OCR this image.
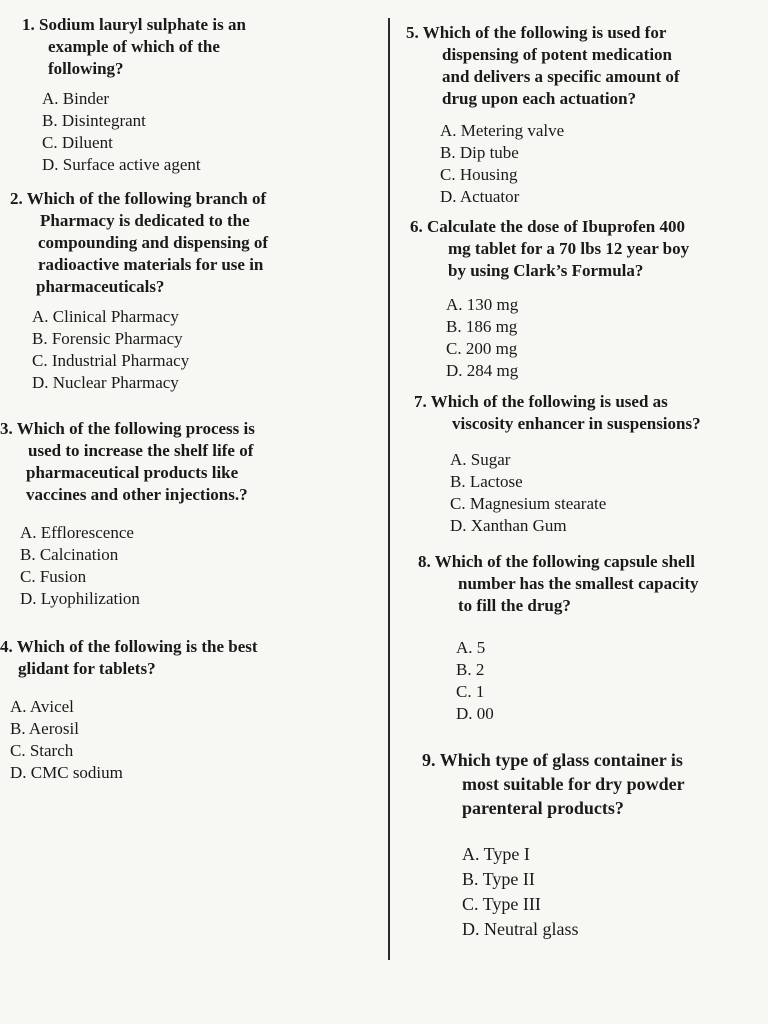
1. Sodium lauryl sulphate is an
example of which of the
following?
A. Binder
B. Disintegrant
C. Diluent
D. Surface active agent
2. Which of the following branch of
Pharmacy is dedicated to the
compounding and dispensing of
radioactive materials for use in
pharmaceuticals?
A. Clinical Pharmacy
B. Forensic Pharmacy
C. Industrial Pharmacy
D. Nuclear Pharmacy
3. Which of the following process is
used to increase the shelf life of
pharmaceutical products like
vaccines and other injections.?
A. Efflorescence
B. Calcination
C. Fusion
D. Lyophilization
4. Which of the following is the best
glidant for tablets?
A. Avicel
B. Aerosil
C. Starch
D. CMC sodium
5. Which of the following is used for
dispensing of potent medication
and delivers a specific amount of
drug upon each actuation?
A. Metering valve
B. Dip tube
C. Housing
D. Actuator
6. Calculate the dose of Ibuprofen 400
mg tablet for a 70 lbs 12 year boy
by using Clark’s Formula?
A. 130 mg
B. 186 mg
C. 200 mg
D. 284 mg
7. Which of the following is used as
viscosity enhancer in suspensions?
A. Sugar
B. Lactose
C. Magnesium stearate
D. Xanthan Gum
8. Which of the following capsule shell
number has the smallest capacity
to fill the drug?
A. 5
B. 2
C. 1
D. 00
9. Which type of glass container is
most suitable for dry powder
parenteral products?
A. Type I
B. Type II
C. Type III
D. Neutral glass
